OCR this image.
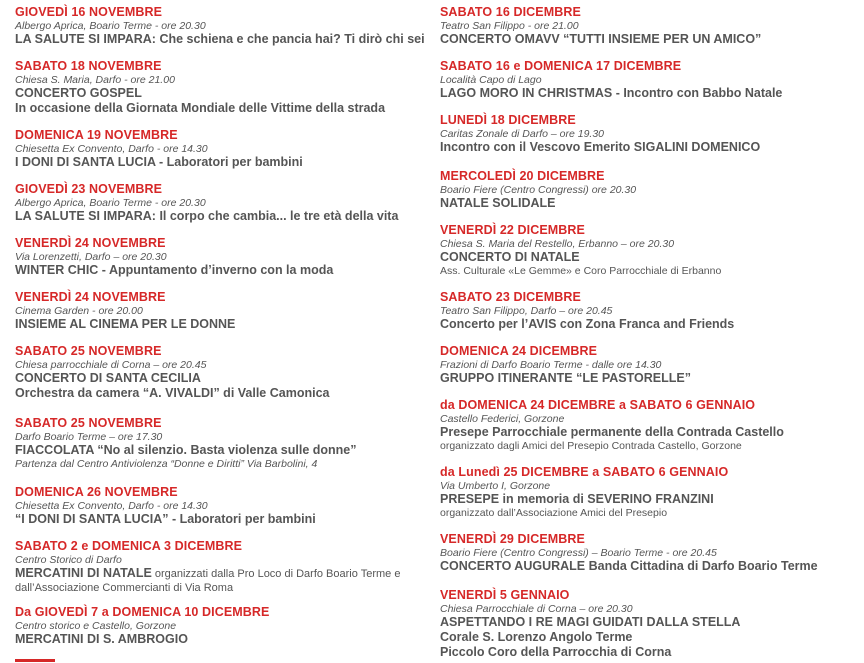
GIOVEDÌ 16 NOVEMBRE
Albergo Aprica, Boario Terme - ore 20.30
LA SALUTE SI IMPARA: Che schiena e che pancia hai? Ti dirò chi sei
SABATO 18 NOVEMBRE
Chiesa S. Maria, Darfo - ore 21.00
CONCERTO GOSPEL
In occasione della Giornata Mondiale delle Vittime della strada
DOMENICA 19 NOVEMBRE
Chiesetta Ex Convento, Darfo - ore 14.30
I DONI DI SANTA LUCIA - Laboratori per bambini
GIOVEDÌ 23 NOVEMBRE
Albergo Aprica, Boario Terme - ore 20.30
LA SALUTE SI IMPARA: Il corpo che cambia... le tre età della vita
VENERDÌ 24 NOVEMBRE
Via Lorenzetti, Darfo – ore 20.30
WINTER CHIC - Appuntamento d’inverno con la moda
VENERDÌ 24 NOVEMBRE
Cinema Garden - ore 20.00
INSIEME AL CINEMA PER LE DONNE
SABATO 25 NOVEMBRE
Chiesa parrocchiale di Corna – ore 20.45
CONCERTO DI SANTA CECILIA
Orchestra da camera “A. VIVALDI” di Valle Camonica
SABATO 25 NOVEMBRE
Darfo Boario Terme – ore 17.30
FIACCOLATA “No al silenzio. Basta violenza sulle donne”
Partenza dal Centro Antiviolenza “Donne e Diritti” Via Barbolini, 4
DOMENICA 26 NOVEMBRE
Chiesetta Ex Convento, Darfo - ore 14.30
“I DONI DI SANTA LUCIA” - Laboratori per bambini
SABATO 2 e DOMENICA 3 DICEMBRE
Centro Storico di Darfo
MERCATINI DI NATALE organizzati dalla Pro Loco di Darfo Boario Terme e
dall’Associazione Commercianti di Via Roma
Da GIOVEDÌ 7 a DOMENICA 10 DICEMBRE
Centro storico e Castello, Gorzone
MERCATINI DI S. AMBROGIO
SABATO 16 DICEMBRE
Teatro San Filippo - ore 21.00
CONCERTO OMAVV “TUTTI INSIEME PER UN AMICO”
SABATO 16 e DOMENICA 17 DICEMBRE
Località Capo di Lago
LAGO MORO IN CHRISTMAS - Incontro con Babbo Natale
LUNEDÌ 18 DICEMBRE
Caritas Zonale di Darfo – ore 19.30
Incontro con il Vescovo Emerito SIGALINI DOMENICO
MERCOLEDÌ 20 DICEMBRE
Boario Fiere (Centro Congressi) ore 20.30
NATALE SOLIDALE
VENERDÌ 22 DICEMBRE
Chiesa S. Maria del Restello, Erbanno – ore 20.30
CONCERTO DI NATALE
Ass. Culturale «Le Gemme» e Coro Parrocchiale di Erbanno
SABATO 23 DICEMBRE
Teatro San Filippo, Darfo – ore 20.45
Concerto per l’AVIS con Zona Franca and Friends
DOMENICA 24 DICEMBRE
Frazioni di Darfo Boario Terme - dalle ore 14.30
GRUPPO ITINERANTE “LE PASTORELLE”
da DOMENICA 24 DICEMBRE a SABATO 6 GENNAIO
Castello Federici, Gorzone
Presepe Parrocchiale permanente della Contrada Castello
organizzato dagli Amici del Presepio Contrada Castello, Gorzone
da Lunedì 25 DICEMBRE a SABATO 6 GENNAIO
Via Umberto I, Gorzone
PRESEPE in memoria di SEVERINO FRANZINI
organizzato dall’Associazione Amici del Presepio
VENERDÌ 29 DICEMBRE
Boario Fiere (Centro Congressi) – Boario Terme - ore 20.45
CONCERTO AUGURALE Banda Cittadina di Darfo Boario Terme
VENERDÌ 5 GENNAIO
Chiesa Parrocchiale di Corna – ore 20.30
ASPETTANDO I RE MAGI GUIDATI DALLA STELLA
Corale S. Lorenzo Angolo Terme
Piccolo Coro della Parrocchia di Corna
